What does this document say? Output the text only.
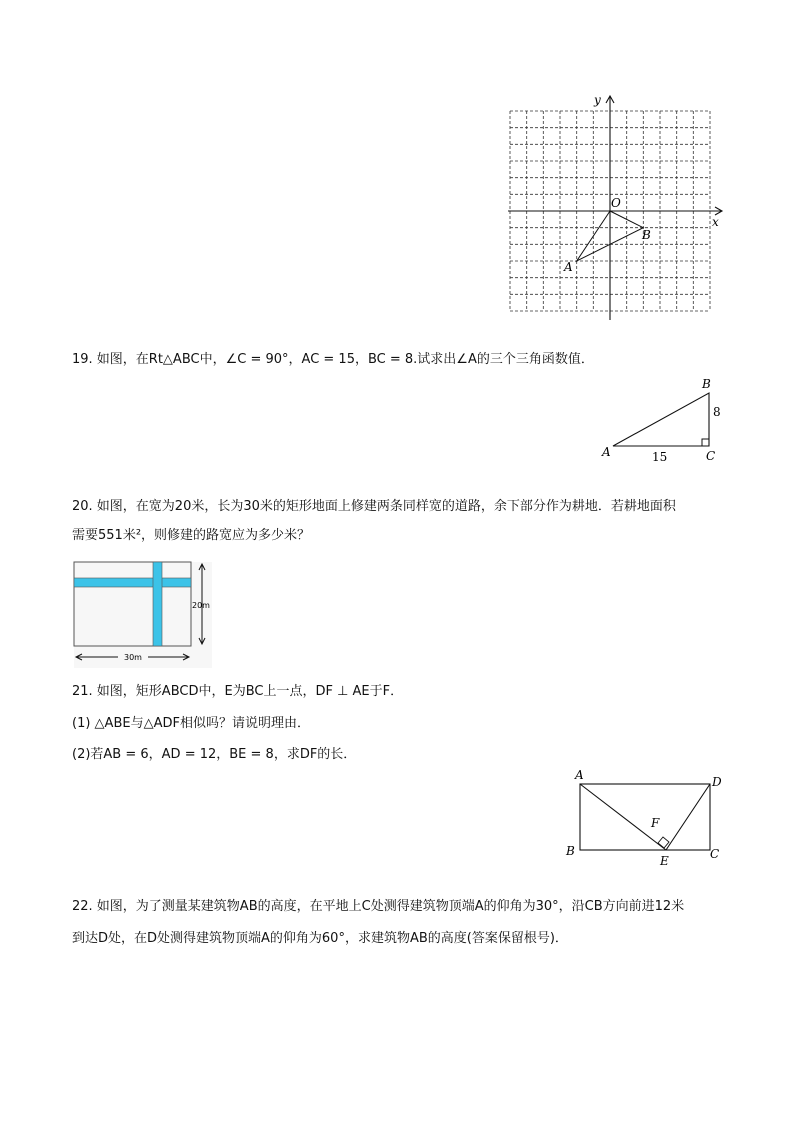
y
x
O
A
B
19. 如图，在Rt△ABC中，∠C = 90°，AC = 15，BC = 8.试求出∠A的三个三角函数值．
A
B
C
15
8
20. 如图，在宽为20米，长为30米的矩形地面上修建两条同样宽的道路，余下部分作为耕地．若耕地面积
需要551米²，则修建的路宽应为多少米？
20m
30m
21. 如图，矩形ABCD中，E为BC上一点，DF ⊥ AE于F．
(1) △ABE与△ADF相似吗？请说明理由．
(2)若AB = 6，AD = 12，BE = 8，求DF的长．
A
B	C
D
E
F
22. 如图，为了测量某建筑物AB的高度，在平地上C处测得建筑物顶端A的仰角为30°，沿CB方向前进12米
到达D处，在D处测得建筑物顶端A的仰角为60°，求建筑物AB的高度(答案保留根号)．
